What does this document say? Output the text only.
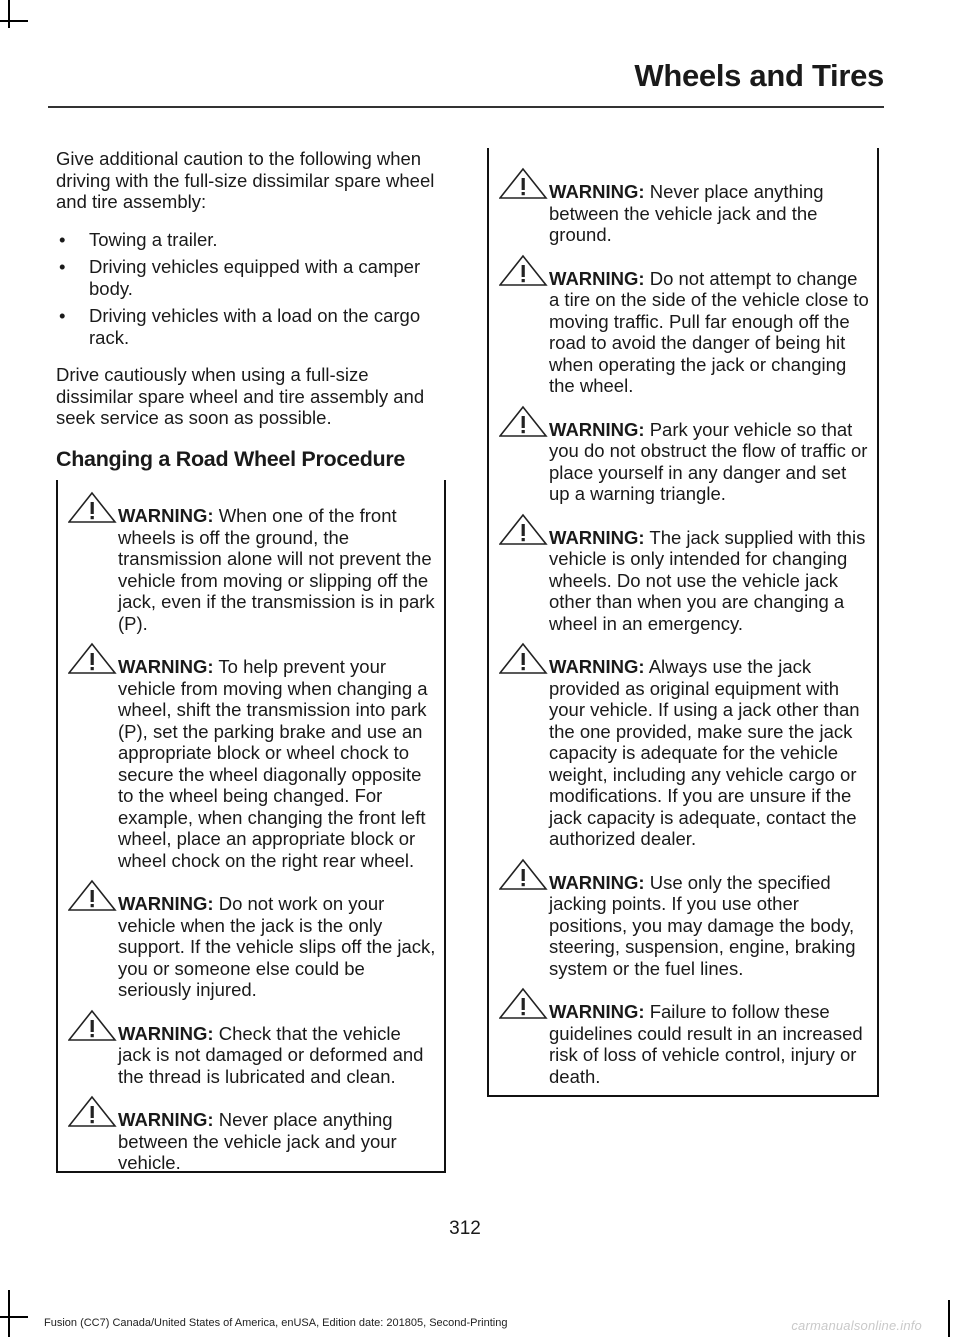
Wheels and Tires

Give additional caution to the following when driving with the full-size dissimilar spare wheel and tire assembly:

• Towing a trailer.
• Driving vehicles equipped with a camper body.
• Driving vehicles with a load on the cargo rack.

Drive cautiously when using a full-size dissimilar spare wheel and tire assembly and seek service as soon as possible.

Changing a Road Wheel Procedure
WARNING: When one of the front wheels is off the ground, the transmission alone will not prevent the vehicle from moving or slipping off the jack, even if the transmission is in park (P).
WARNING: To help prevent your vehicle from moving when changing a wheel, shift the transmission into park (P), set the parking brake and use an appropriate block or wheel chock to secure the wheel diagonally opposite to the wheel being changed. For example, when changing the front left wheel, place an appropriate block or wheel chock on the right rear wheel.
WARNING: Do not work on your vehicle when the jack is the only support. If the vehicle slips off the jack, you or someone else could be seriously injured.
WARNING: Check that the vehicle jack is not damaged or deformed and the thread is lubricated and clean.
WARNING: Never place anything between the vehicle jack and your vehicle.
WARNING: Never place anything between the vehicle jack and the ground.
WARNING: Do not attempt to change a tire on the side of the vehicle close to moving traffic. Pull far enough off the road to avoid the danger of being hit when operating the jack or changing the wheel.
WARNING: Park your vehicle so that you do not obstruct the flow of traffic or place yourself in any danger and set up a warning triangle.
WARNING: The jack supplied with this vehicle is only intended for changing wheels. Do not use the vehicle jack other than when you are changing a wheel in an emergency.
WARNING: Always use the jack provided as original equipment with your vehicle. If using a jack other than the one provided, make sure the jack capacity is adequate for the vehicle weight, including any vehicle cargo or modifications. If you are unsure if the jack capacity is adequate, contact the authorized dealer.
WARNING: Use only the specified jacking points. If you use other positions, you may damage the body, steering, suspension, engine, braking system or the fuel lines.
WARNING: Failure to follow these guidelines could result in an increased risk of loss of vehicle control, injury or death.
312
Fusion (CC7) Canada/United States of America, enUSA, Edition date: 201805, Second-Printing	carmanualsonline.info
